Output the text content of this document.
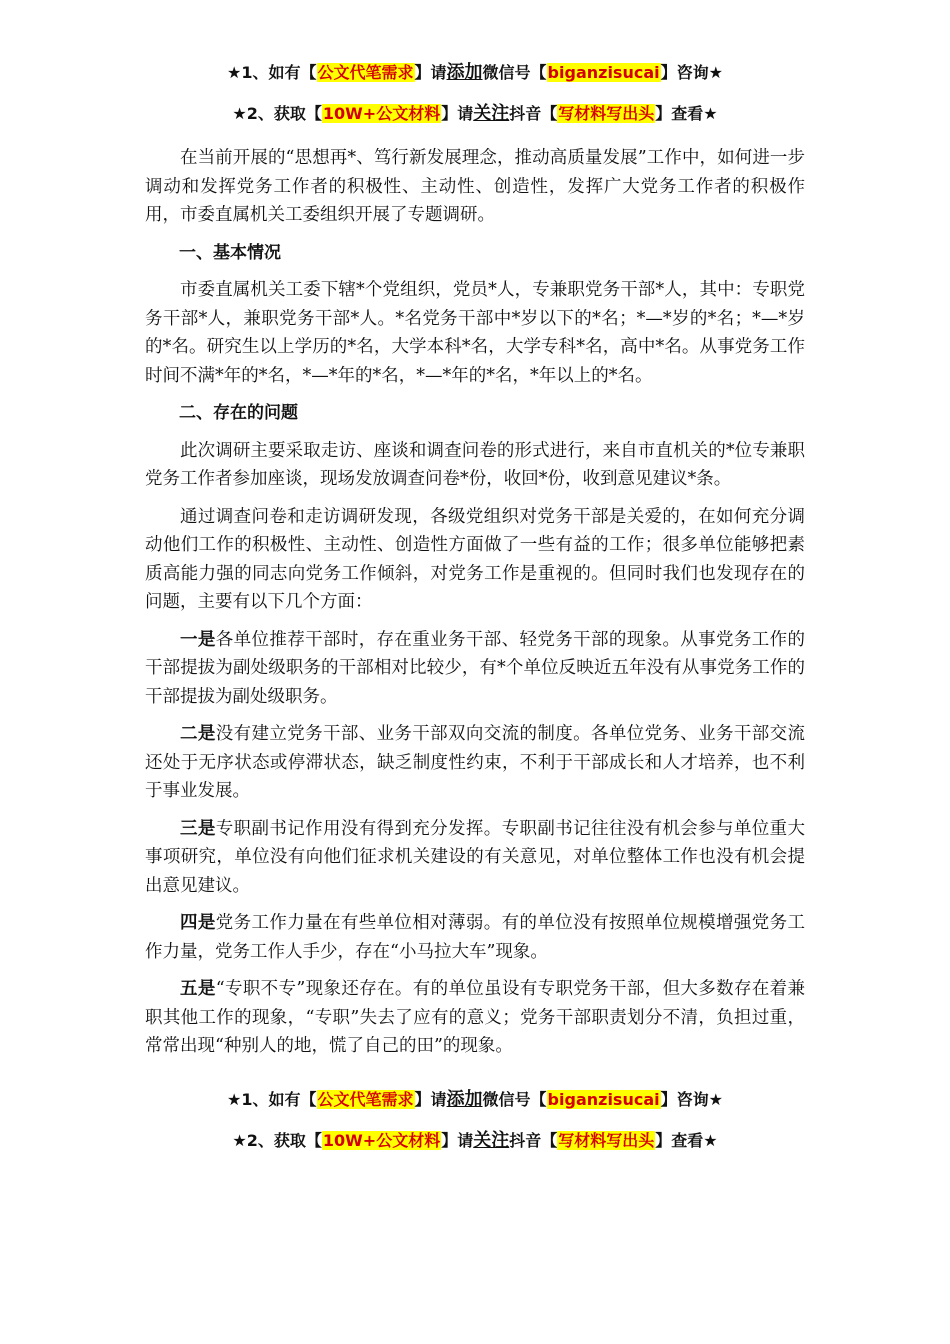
★1、如有【公文代笔需求】请添加微信号【biganzisucai】咨询★
★2、获取【10W+公文材料】请关注抖音【写材料写出头】查看★

在当前开展的“思想再*、笃行新发展理念，推动高质量发展”工作中，如何进一步调动和发挥党务工作者的积极性、主动性、创造性，发挥广大党务工作者的积极作用，市委直属机关工委组织开展了专题调研。

一、基本情况

市委直属机关工委下辖*个党组织，党员*人，专兼职党务干部*人，其中：专职党务干部*人，兼职党务干部*人。*名党务干部中*岁以下的*名；*—*岁的*名；*—*岁的*名。研究生以上学历的*名，大学本科*名，大学专科*名，高中*名。从事党务工作时间不满*年的*名，*—*年的*名，*—*年的*名，*年以上的*名。

二、存在的问题

此次调研主要采取走访、座谈和调查问卷的形式进行，来自市直机关的*位专兼职党务工作者参加座谈，现场发放调查问卷*份，收回*份，收到意见建议*条。

通过调查问卷和走访调研发现，各级党组织对党务干部是关爱的，在如何充分调动他们工作的积极性、主动性、创造性方面做了一些有益的工作；很多单位能够把素质高能力强的同志向党务工作倾斜，对党务工作是重视的。但同时我们也发现存在的问题，主要有以下几个方面：

一是各单位推荐干部时，存在重业务干部、轻党务干部的现象。从事党务工作的干部提拔为副处级职务的干部相对比较少，有*个单位反映近五年没有从事党务工作的干部提拔为副处级职务。

二是没有建立党务干部、业务干部双向交流的制度。各单位党务、业务干部交流还处于无序状态或停滞状态，缺乏制度性约束，不利于干部成长和人才培养，也不利于事业发展。

三是专职副书记作用没有得到充分发挥。专职副书记往往没有机会参与单位重大事项研究，单位没有向他们征求机关建设的有关意见，对单位整体工作也没有机会提出意见建议。

四是党务工作力量在有些单位相对薄弱。有的单位没有按照单位规模增强党务工作力量，党务工作人手少，存在“小马拉大车”现象。

五是“专职不专”现象还存在。有的单位虽设有专职党务干部，但大多数存在着兼职其他工作的现象，“专职”失去了应有的意义；党务干部职责划分不清，负担过重，常常出现“种别人的地，慌了自己的田”的现象。

★1、如有【公文代笔需求】请添加微信号【biganzisucai】咨询★
★2、获取【10W+公文材料】请关注抖音【写材料写出头】查看★
